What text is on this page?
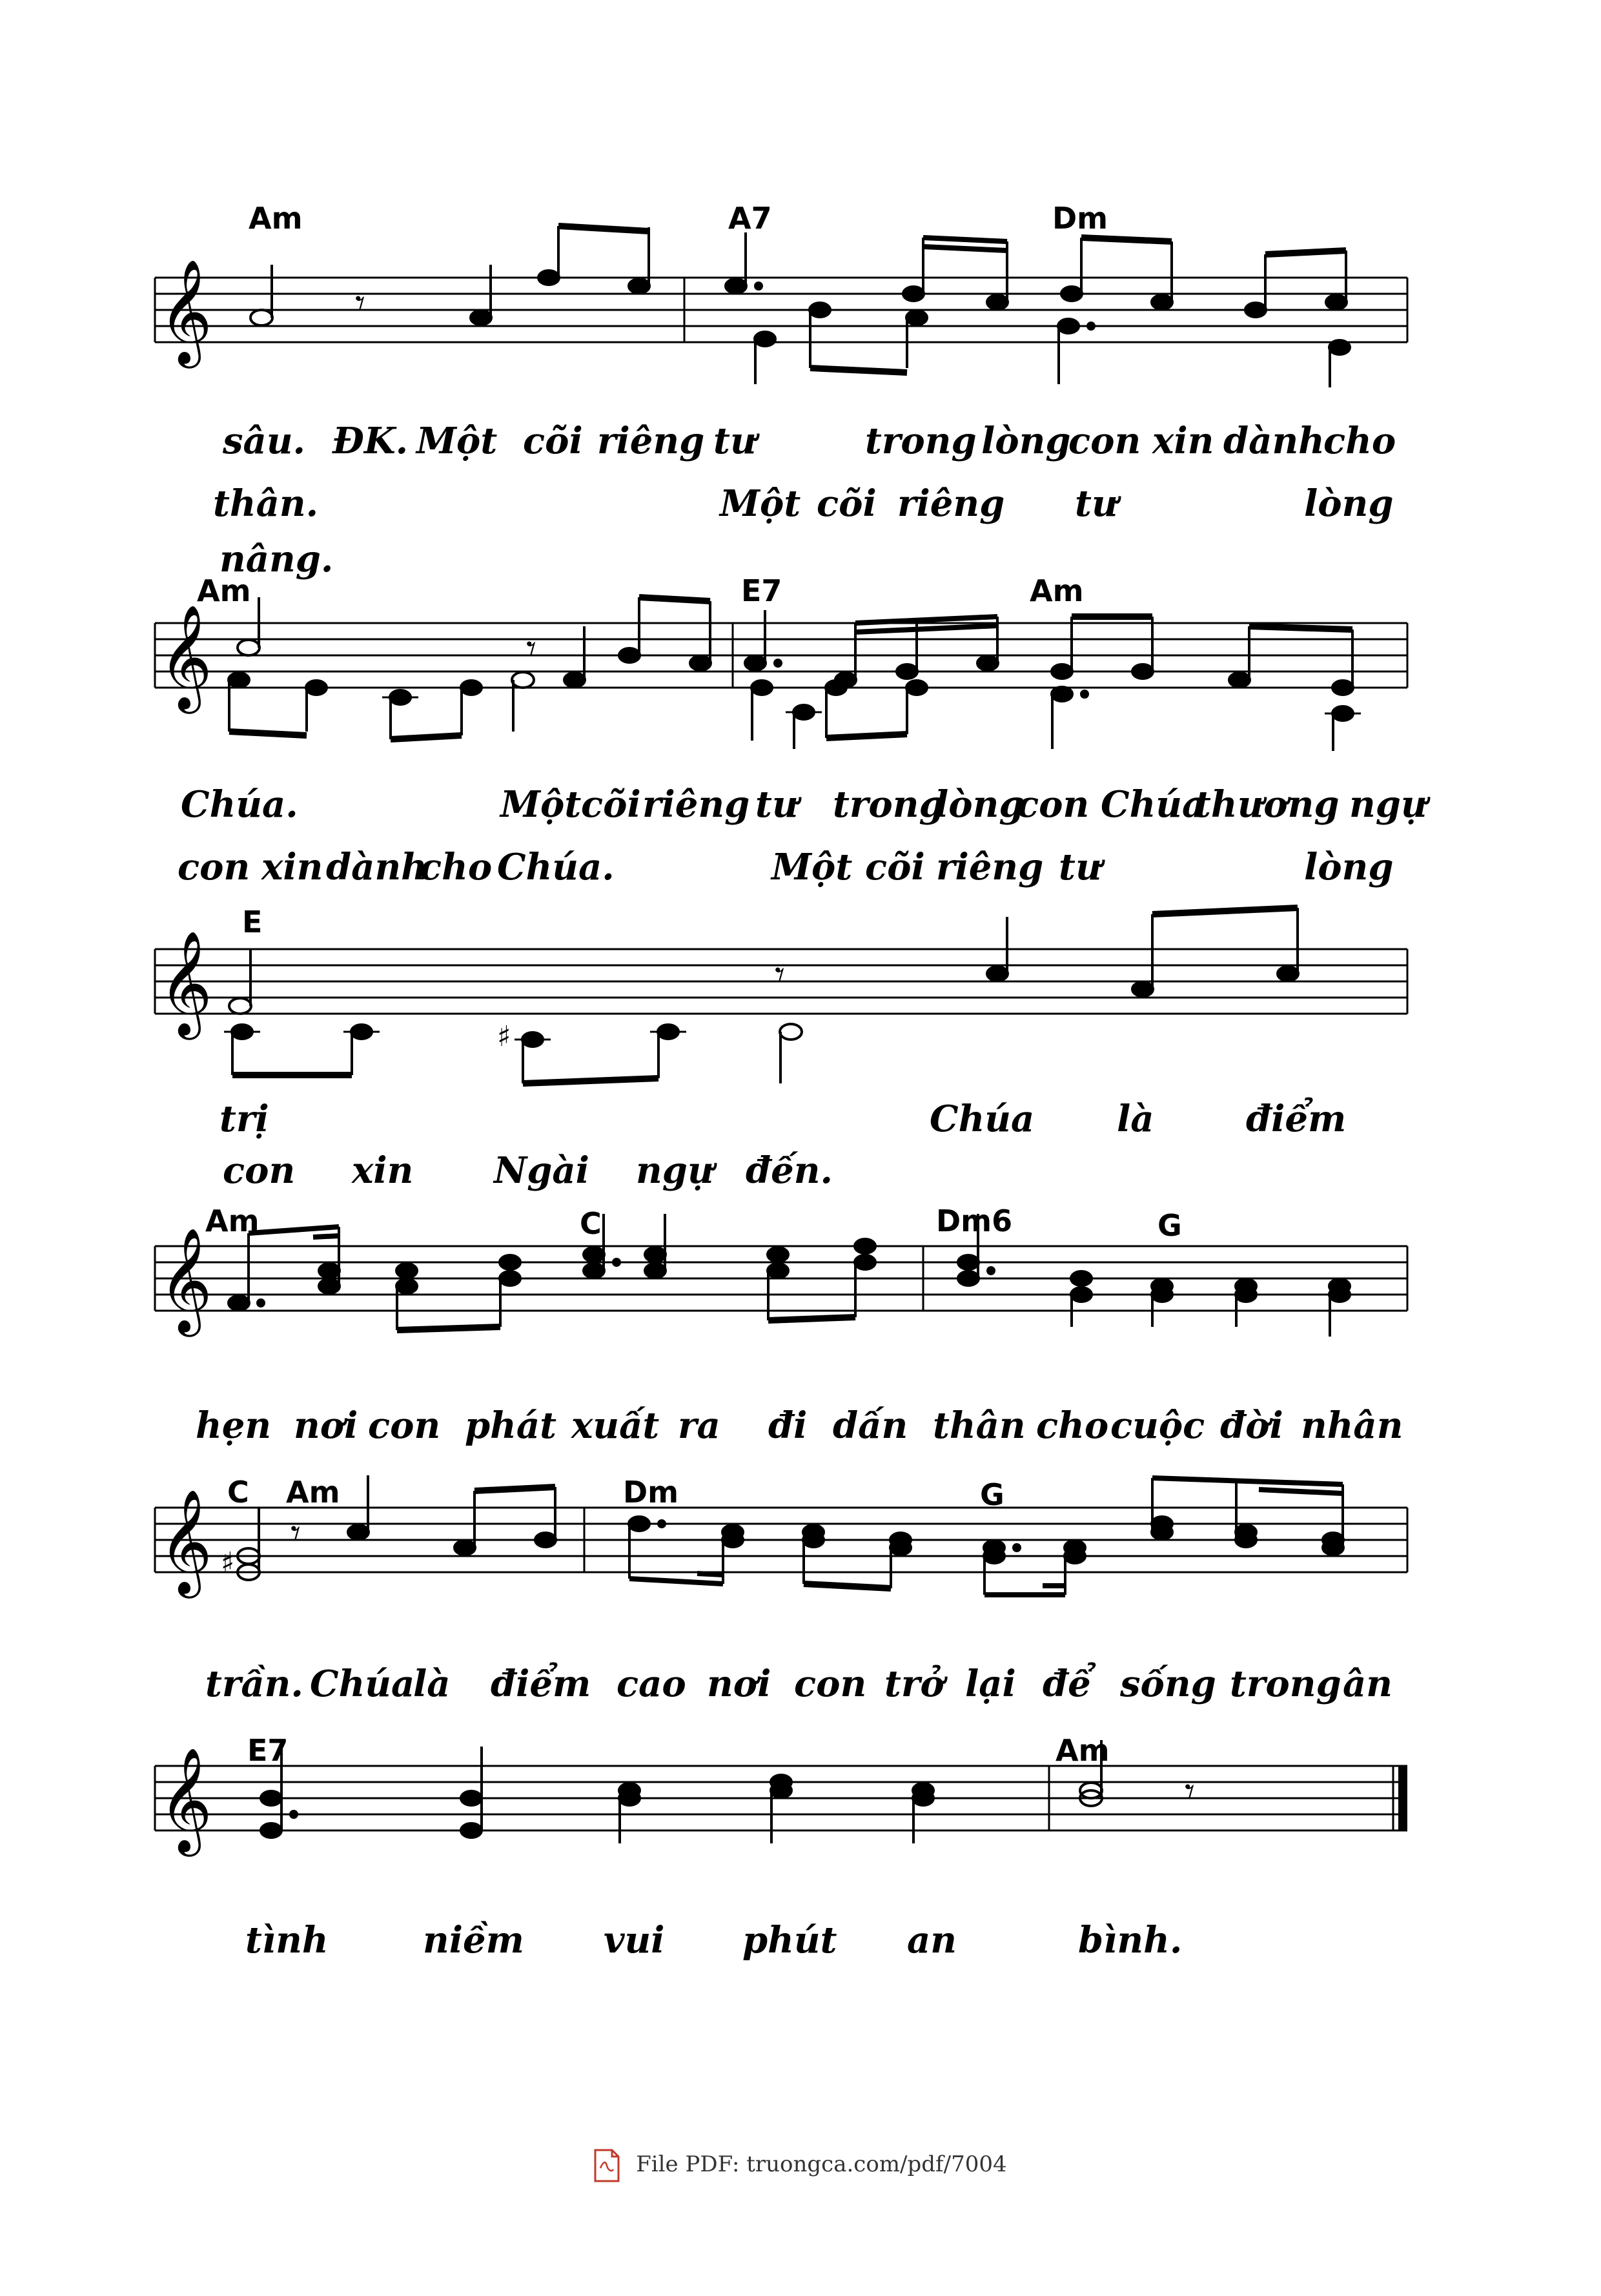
Am	A7	Dm
𝄞	𝄾
sâu. ĐK. Một cõi riêng tư	trong lòng
con xin dành
cho
thân.	Một cõi riêng tư	lòng
nâng.
Am	E7	Am
𝄞	𝄾
Chúa.	Một cõi riêng tư trong
lòng
con Chúa
thương ngự
con xin dành
cho Chúa.	Một cõi riêng tư	lòng
E
𝄞
♯
𝄾
trị	Chúa là	điểm
con xin Ngài ngự đến.
Am	C	Dm6	G
𝄞
hẹn nơi con phát xuất ra đi dấn thân cho cuộc đời nhân
C Am	Dm	G
𝄞 ♯
𝄾
trần. Chúa
là điểm cao nơi con trở lại để sống trong ân
E7	Am
𝄞	𝄾
tình	niềm vui phút an	bình.
File PDF: truongca.com/pdf/7004
